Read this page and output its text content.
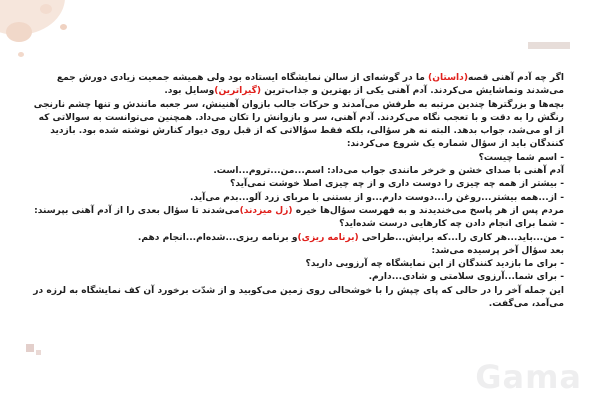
اگر چه آدم آهنی قصه(داستان) ما در گوشه‌ای از سالن نمایشگاه ایستاده بود ولی همیشه جمعیت زیادی دورش جمع می‌شدند وتماشایش می‌کردند. آدم آهنی یکی از بهترین و جذاب‌ترین (گیراترین)وسایل بود.

بچه‌ها و بزرگترها چندین مرتبه به طرفش می‌آمدند و حرکات جالب بازوان آهنینش، سر جعبه مانندش و تنها چشم نارنجی رنگش را به دقت و با تعجب نگاه می‌کردند. آدم آهنی، سر و بازوانش را تکان می‌داد. همچنین می‌توانست به سوالاتی که از او می‌شد، جواب بدهد. البته نه هر سؤالی، بلکه فقط سؤالاتی که از قبل روی دیوار کنارش نوشته شده بود. بازدید کنندگان باید از سؤال شماره یک شروع می‌کردند:

- اسم شما چیست؟

آدم آهنی با صدای خشن و خرخر مانندی جواب می‌داد: اسم...من...تروم...است.

- بیشتر از همه چه چیزی را دوست داری و از چه چیزی اصلا خوشت نمی‌آید؟

- از...همه بیشتر...روغن را...دوست دارم...و از بستنی با مربای زرد آلو...بدم می‌آید.

مردم پس از هر پاسخ می‌خندیدند و به فهرست سؤال‌ها خیره (زل میزدند)می‌شدند تا سؤال بعدی را از آدم آهنی بپرسند:

- شما برای انجام دادن چه کارهایی درست شده‌اید؟

- من...باید...هر کاری را...که برایش...طراحی (برنامه ریزی)و برنامه ریزی...شده‌ام...انجام دهم.

بعد سؤال آخر پرسیده می‌شد:

- برای ما بازدید کنندگان از این نمایشگاه چه آرزویی دارید؟

- برای شما...آرزوی سلامتی و شادی...دارم.

این جمله آخر را در حالی که پای چپش را با خوشحالی روی زمین می‌کوبید و از شدّت برخورد آن کف نمایشگاه به لرزه در می‌آمد، می‌گفت.

Gama
